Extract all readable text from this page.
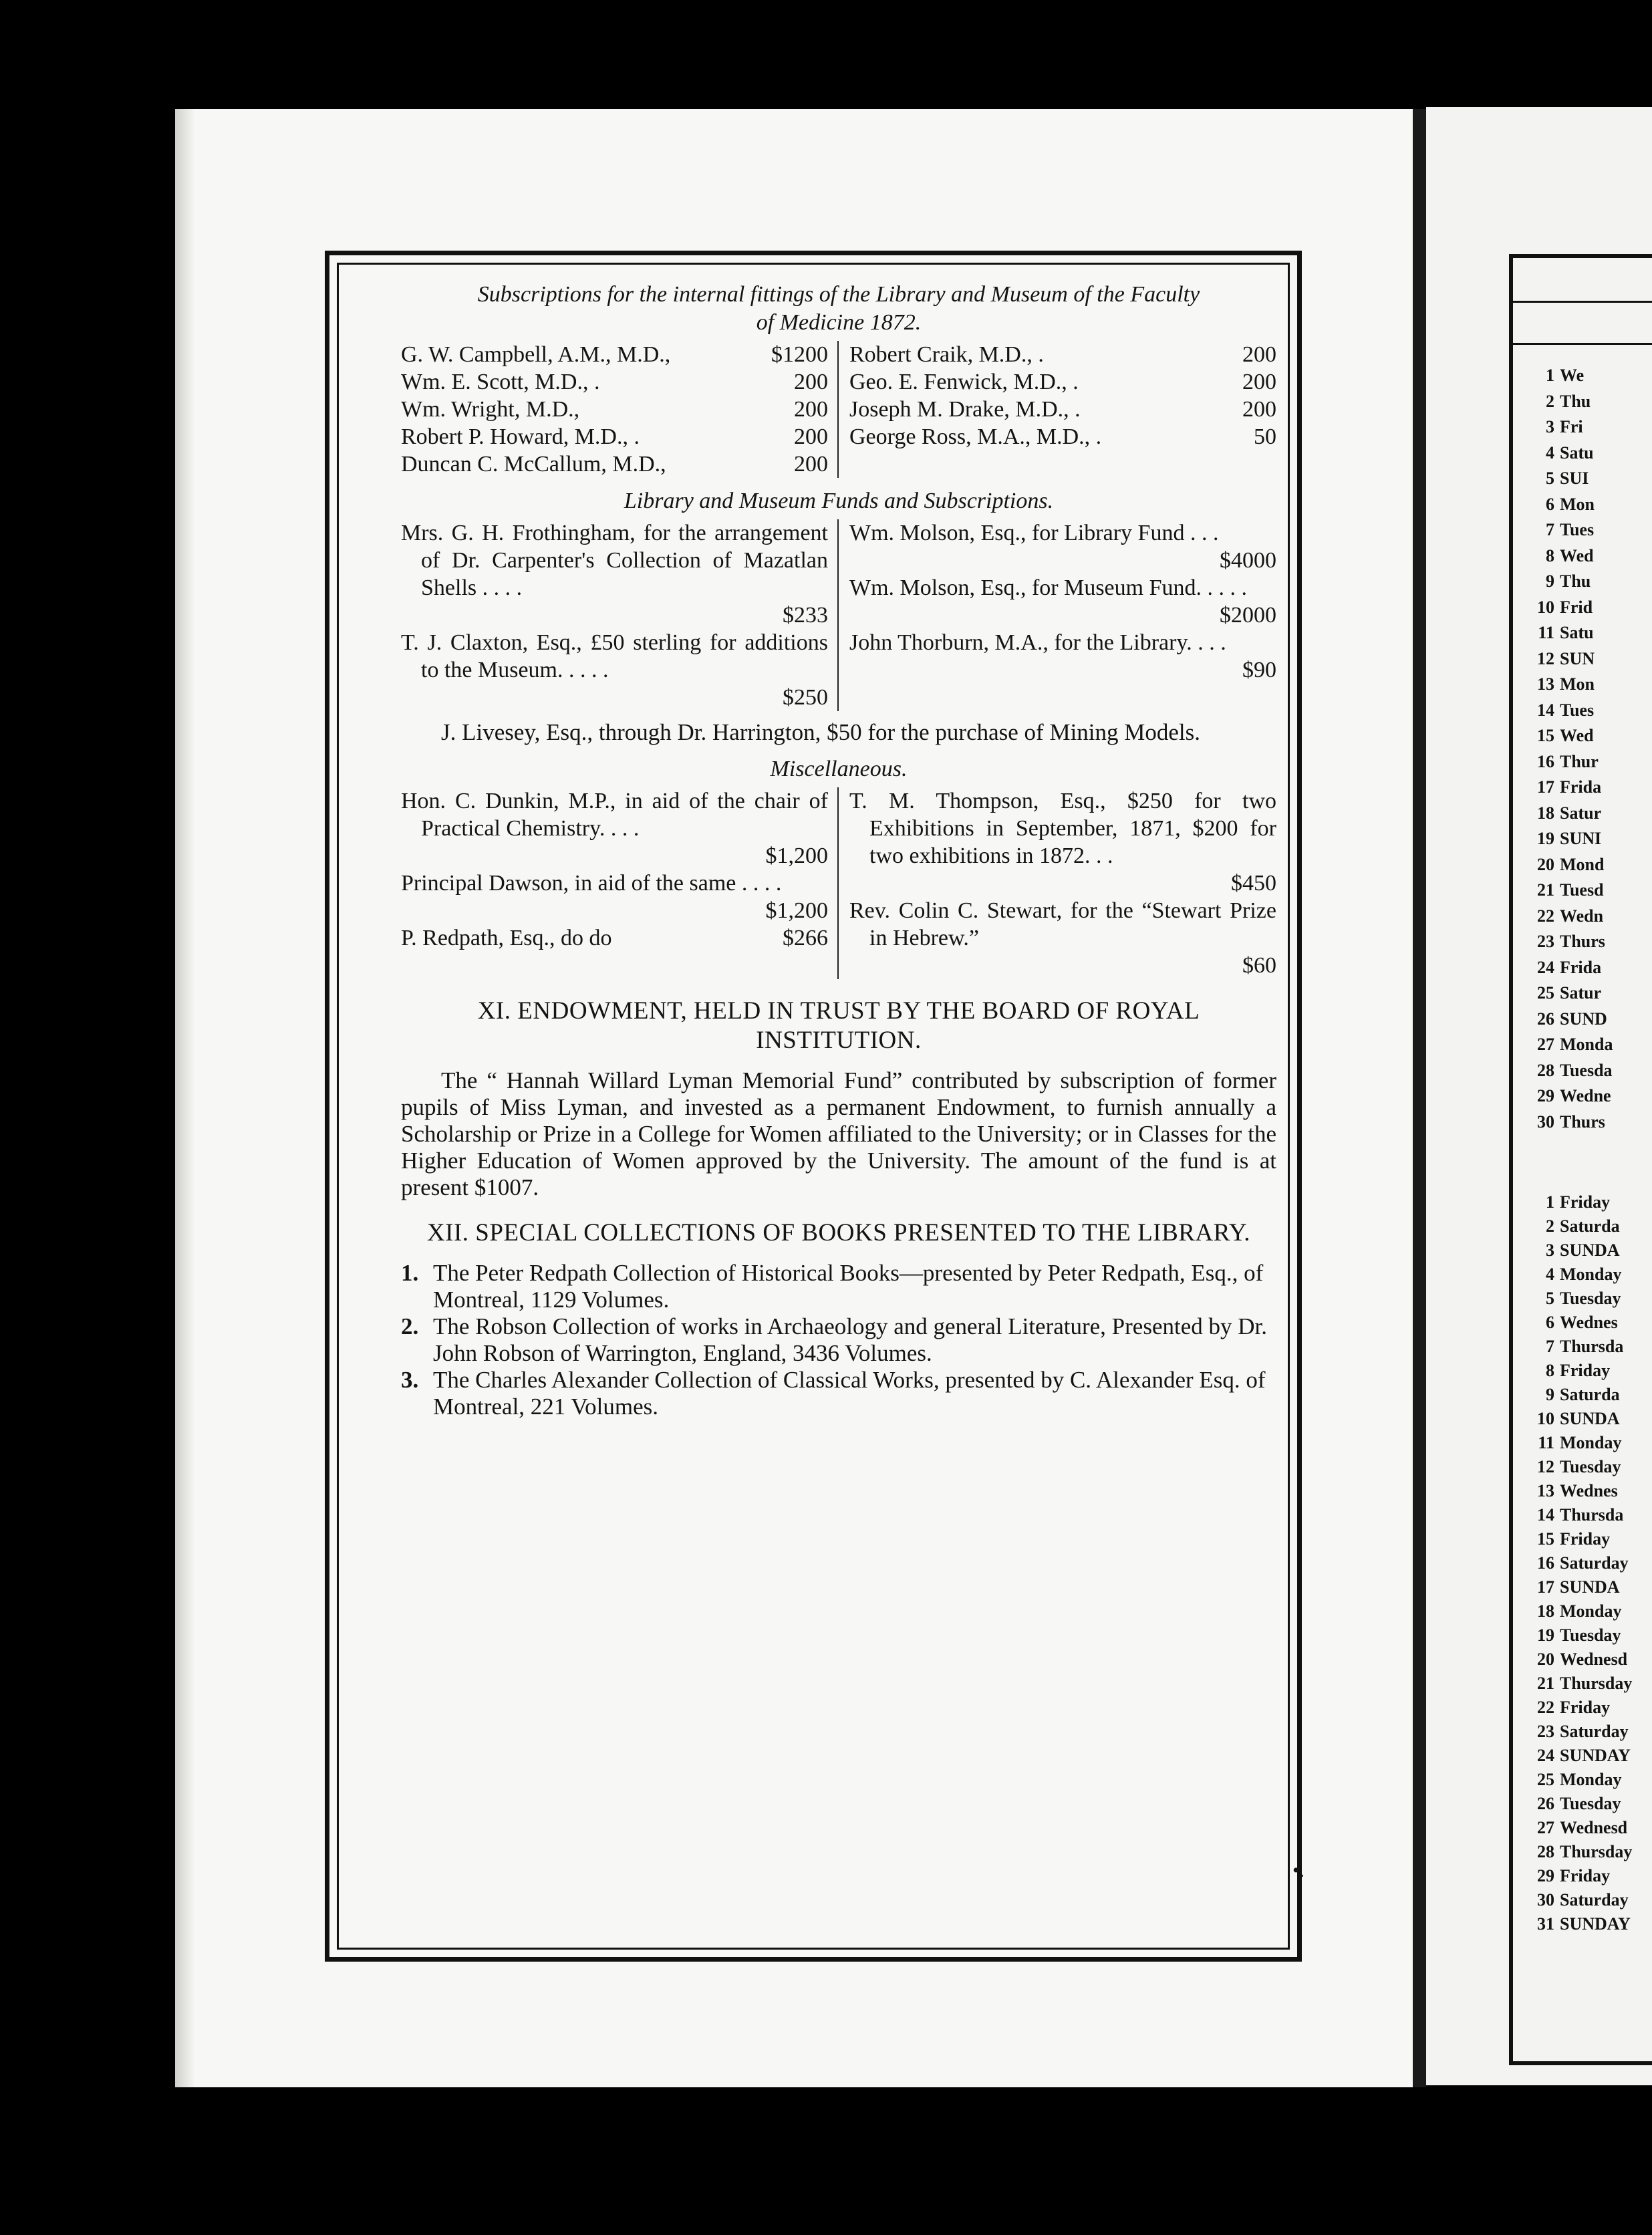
1 We
2 Thu
3 Fri
4 Satu
5 SUI
6 Mon
7 Tues
8 Wed
9 Thu
10 Frid
11 Satu
12 SUN
13 Mon
14 Tues
15 Wed
16 Thur
17 Frida
18 Satur
19 SUNI
20 Mond
21 Tuesd
22 Wedn
23 Thurs
24 Frida
25 Satur
26 SUND
27 Monda
28 Tuesda
29 Wedne
30 Thurs
1 Friday
2 Saturda
3 SUNDA
4 Monday
5 Tuesday
6 Wednes
7 Thursda
8 Friday
9 Saturda
10 SUNDA
11 Monday
12 Tuesday
13 Wednes
14 Thursda
15 Friday
16 Saturday
17 SUNDA
18 Monday
19 Tuesday
20 Wednesd
21 Thursday
22 Friday
23 Saturday
24 SUNDAY
25 Monday
26 Tuesday
27 Wednesd
28 Thursday
29 Friday
30 Saturday
31 SUNDAY

Subscriptions for the internal fittings of the Library and Museum of the Faculty

of Medicine 1872.

G. W. Campbell, A.M., M.D.,	$1200
Wm. E. Scott, M.D., .	200
Wm. Wright, M.D.,	200
Robert P. Howard, M.D., .	200
Duncan C. McCallum, M.D.,	200
Robert Craik, M.D., .	200
Geo. E. Fenwick, M.D., .	200
Joseph M. Drake, M.D., .	200
George Ross, M.A., M.D., .	50

Library and Museum Funds and Subscriptions.

Mrs. G. H. Frothingham, for the arrangement of Dr. Carpenter's Collection of Mazatlan Shells . . . .
$233
T. J. Claxton, Esq., £50 sterling for additions to the Museum. . . . .
$250
Wm. Molson, Esq., for Library Fund . . .
$4000
Wm. Molson, Esq., for Museum Fund. . . . .
$2000
John Thorburn, M.A., for the Library. . . .
$90

J. Livesey, Esq., through Dr. Harrington, $50 for the purchase of Mining Models.

Miscellaneous.

Hon. C. Dunkin, M.P., in aid of the chair of Practical Chemistry. . . .
$1,200
Principal Dawson, in aid of the same . . . .
$1,200
P. Redpath, Esq., do do	$266
T. M. Thompson, Esq., $250 for two Exhibitions in September, 1871, $200 for two exhibitions in 1872. . .
$450
Rev. Colin C. Stewart, for the “Stewart Prize in Hebrew.”
$60
XI. ENDOWMENT, HELD IN TRUST BY THE BOARD OF ROYAL INSTITUTION.

The “ Hannah Willard Lyman Memorial Fund” contributed by subscription of former pupils of Miss Lyman, and invested as a permanent Endowment, to furnish annually a Scholarship or Prize in a College for Women affiliated to the University; or in Classes for the Higher Education of Women approved by the University. The amount of the fund is at present $1007.

XII. SPECIAL COLLECTIONS OF BOOKS PRESENTED TO THE LIBRARY.
1. The Peter Redpath Collection of Historical Books—presented by Peter Redpath, Esq., of Montreal, 1129 Volumes.
2. The Robson Collection of works in Archaeology and general Literature, Presented by Dr. John Robson of Warrington, England, 3436 Volumes.
3. The Charles Alexander Collection of Classical Works, presented by C. Alexander Esq. of Montreal, 221 Volumes.
•.
